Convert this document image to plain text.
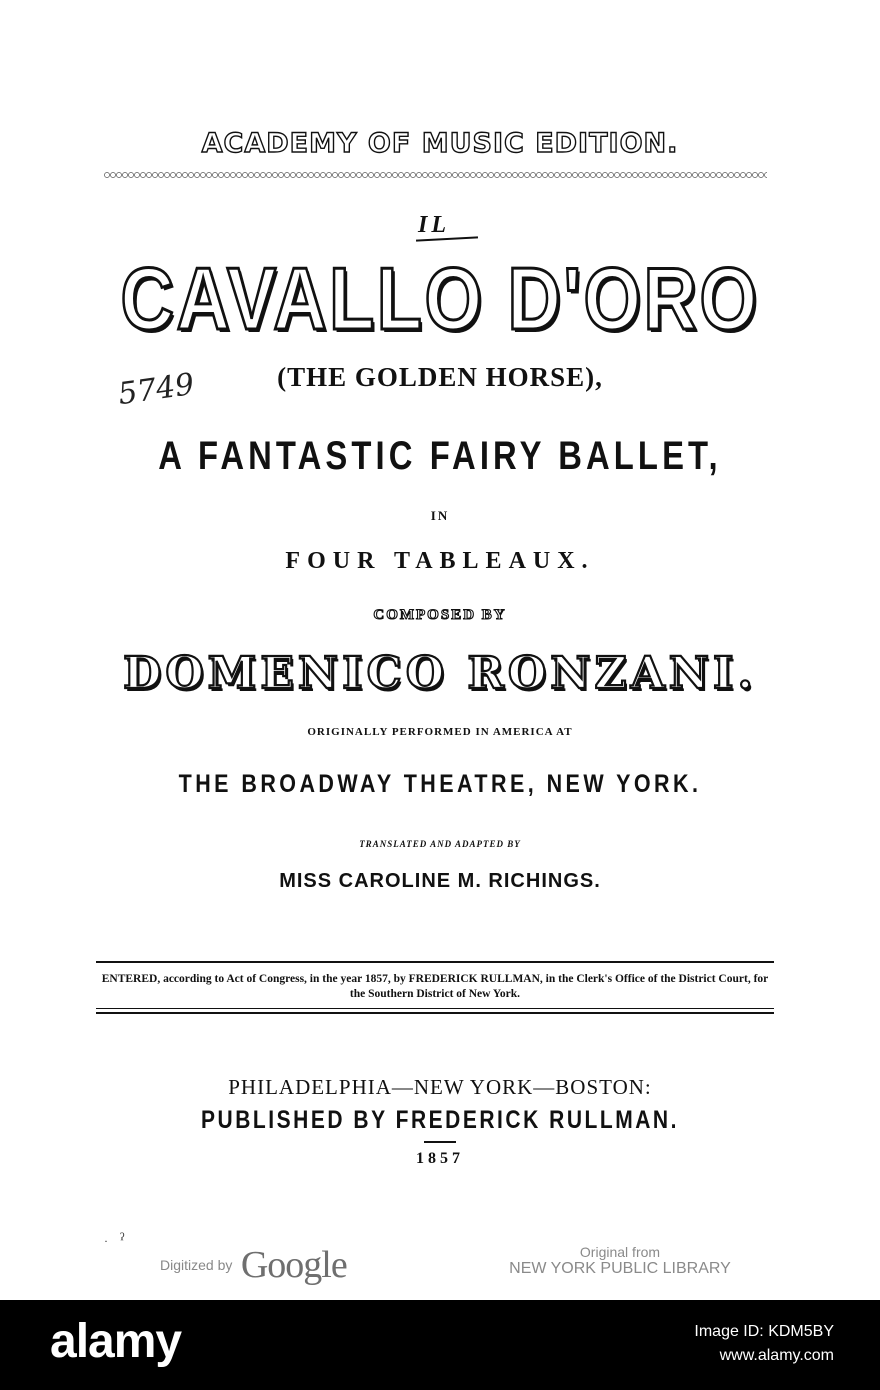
ACADEMY OF MUSIC EDITION.
IL
CAVALLO D'ORO
5749	(THE GOLDEN HORSE),
A FANTASTIC FAIRY BALLET,
IN
FOUR TABLEAUX.
COMPOSED BY
DOMENICO RONZANI.
ORIGINALLY PERFORMED IN AMERICA AT
THE BROADWAY THEATRE, NEW YORK.
TRANSLATED AND ADAPTED BY
MISS CAROLINE M. RICHINGS.
ENTERED, according to Act of Congress, in the year 1857, by FREDERICK RULLMAN, in the Clerk's Office of the District Court, for the Southern District of New York.
PHILADELPHIA—NEW YORK—BOSTON:
PUBLISHED BY FREDERICK RULLMAN.
1857
· ˀ
Digitized by Google	Original from
NEW YORK PUBLIC LIBRARY
alamy	Image ID: KDM5BY
www.alamy.com
